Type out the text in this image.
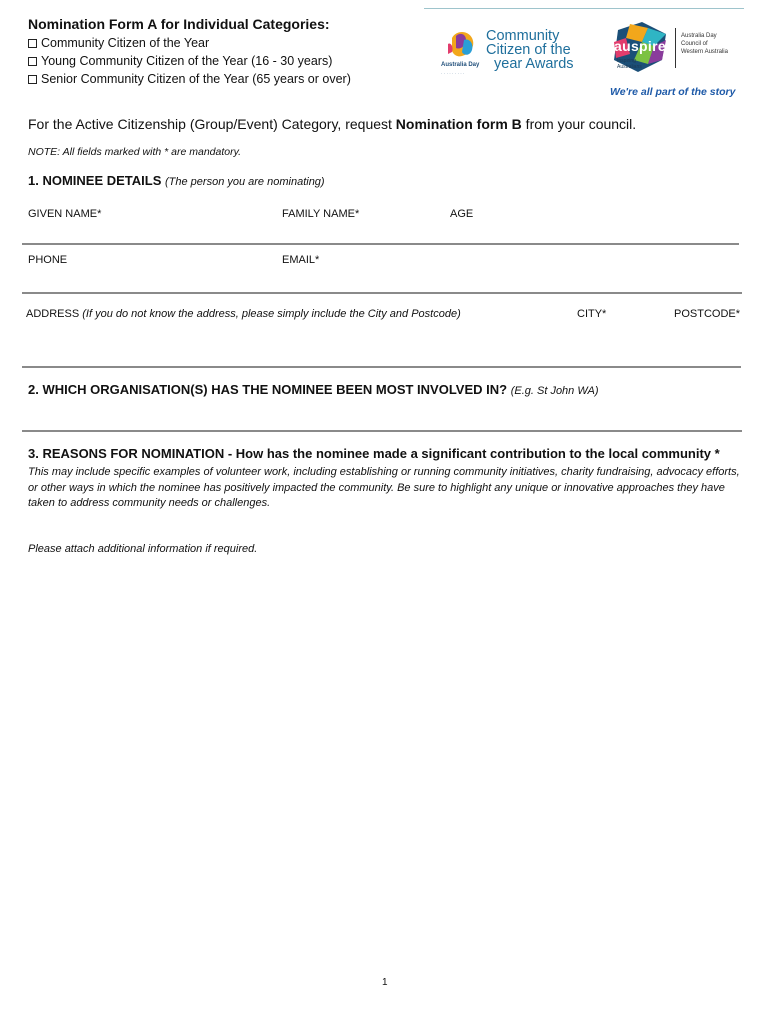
Nomination Form A for Individual Categories:
Community Citizen of the Year
Young Community Citizen of the Year (16 - 30 years)
Senior Community Citizen of the Year (65 years or over)
Community
Citizen of the
year Awards
Australia Day
· · · · · · · · ·
auspire
Inspiring
Australians
Australia Day
Council of
Western Australia
We're all part of the story
For the Active Citizenship (Group/Event) Category, request Nomination form B from your council.
NOTE: All fields marked with * are mandatory.
1. NOMINEE DETAILS (The person you are nominating)
GIVEN NAME*	FAMILY NAME*	AGE
PHONE	EMAIL*
ADDRESS (If you do not know the address, please simply include the City and Postcode)	CITY*	POSTCODE*
2. WHICH ORGANISATION(S) HAS THE NOMINEE BEEN MOST INVOLVED IN? (E.g. St John WA)
3. REASONS FOR NOMINATION - How has the nominee made a significant contribution to the local community *
This may include specific examples of volunteer work, including establishing or running community initiatives, charity fundraising, advocacy efforts, or other ways in which the nominee has positively impacted the community. Be sure to highlight any unique or innovative approaches they have taken to address community needs or challenges.
Please attach additional information if required.
1
